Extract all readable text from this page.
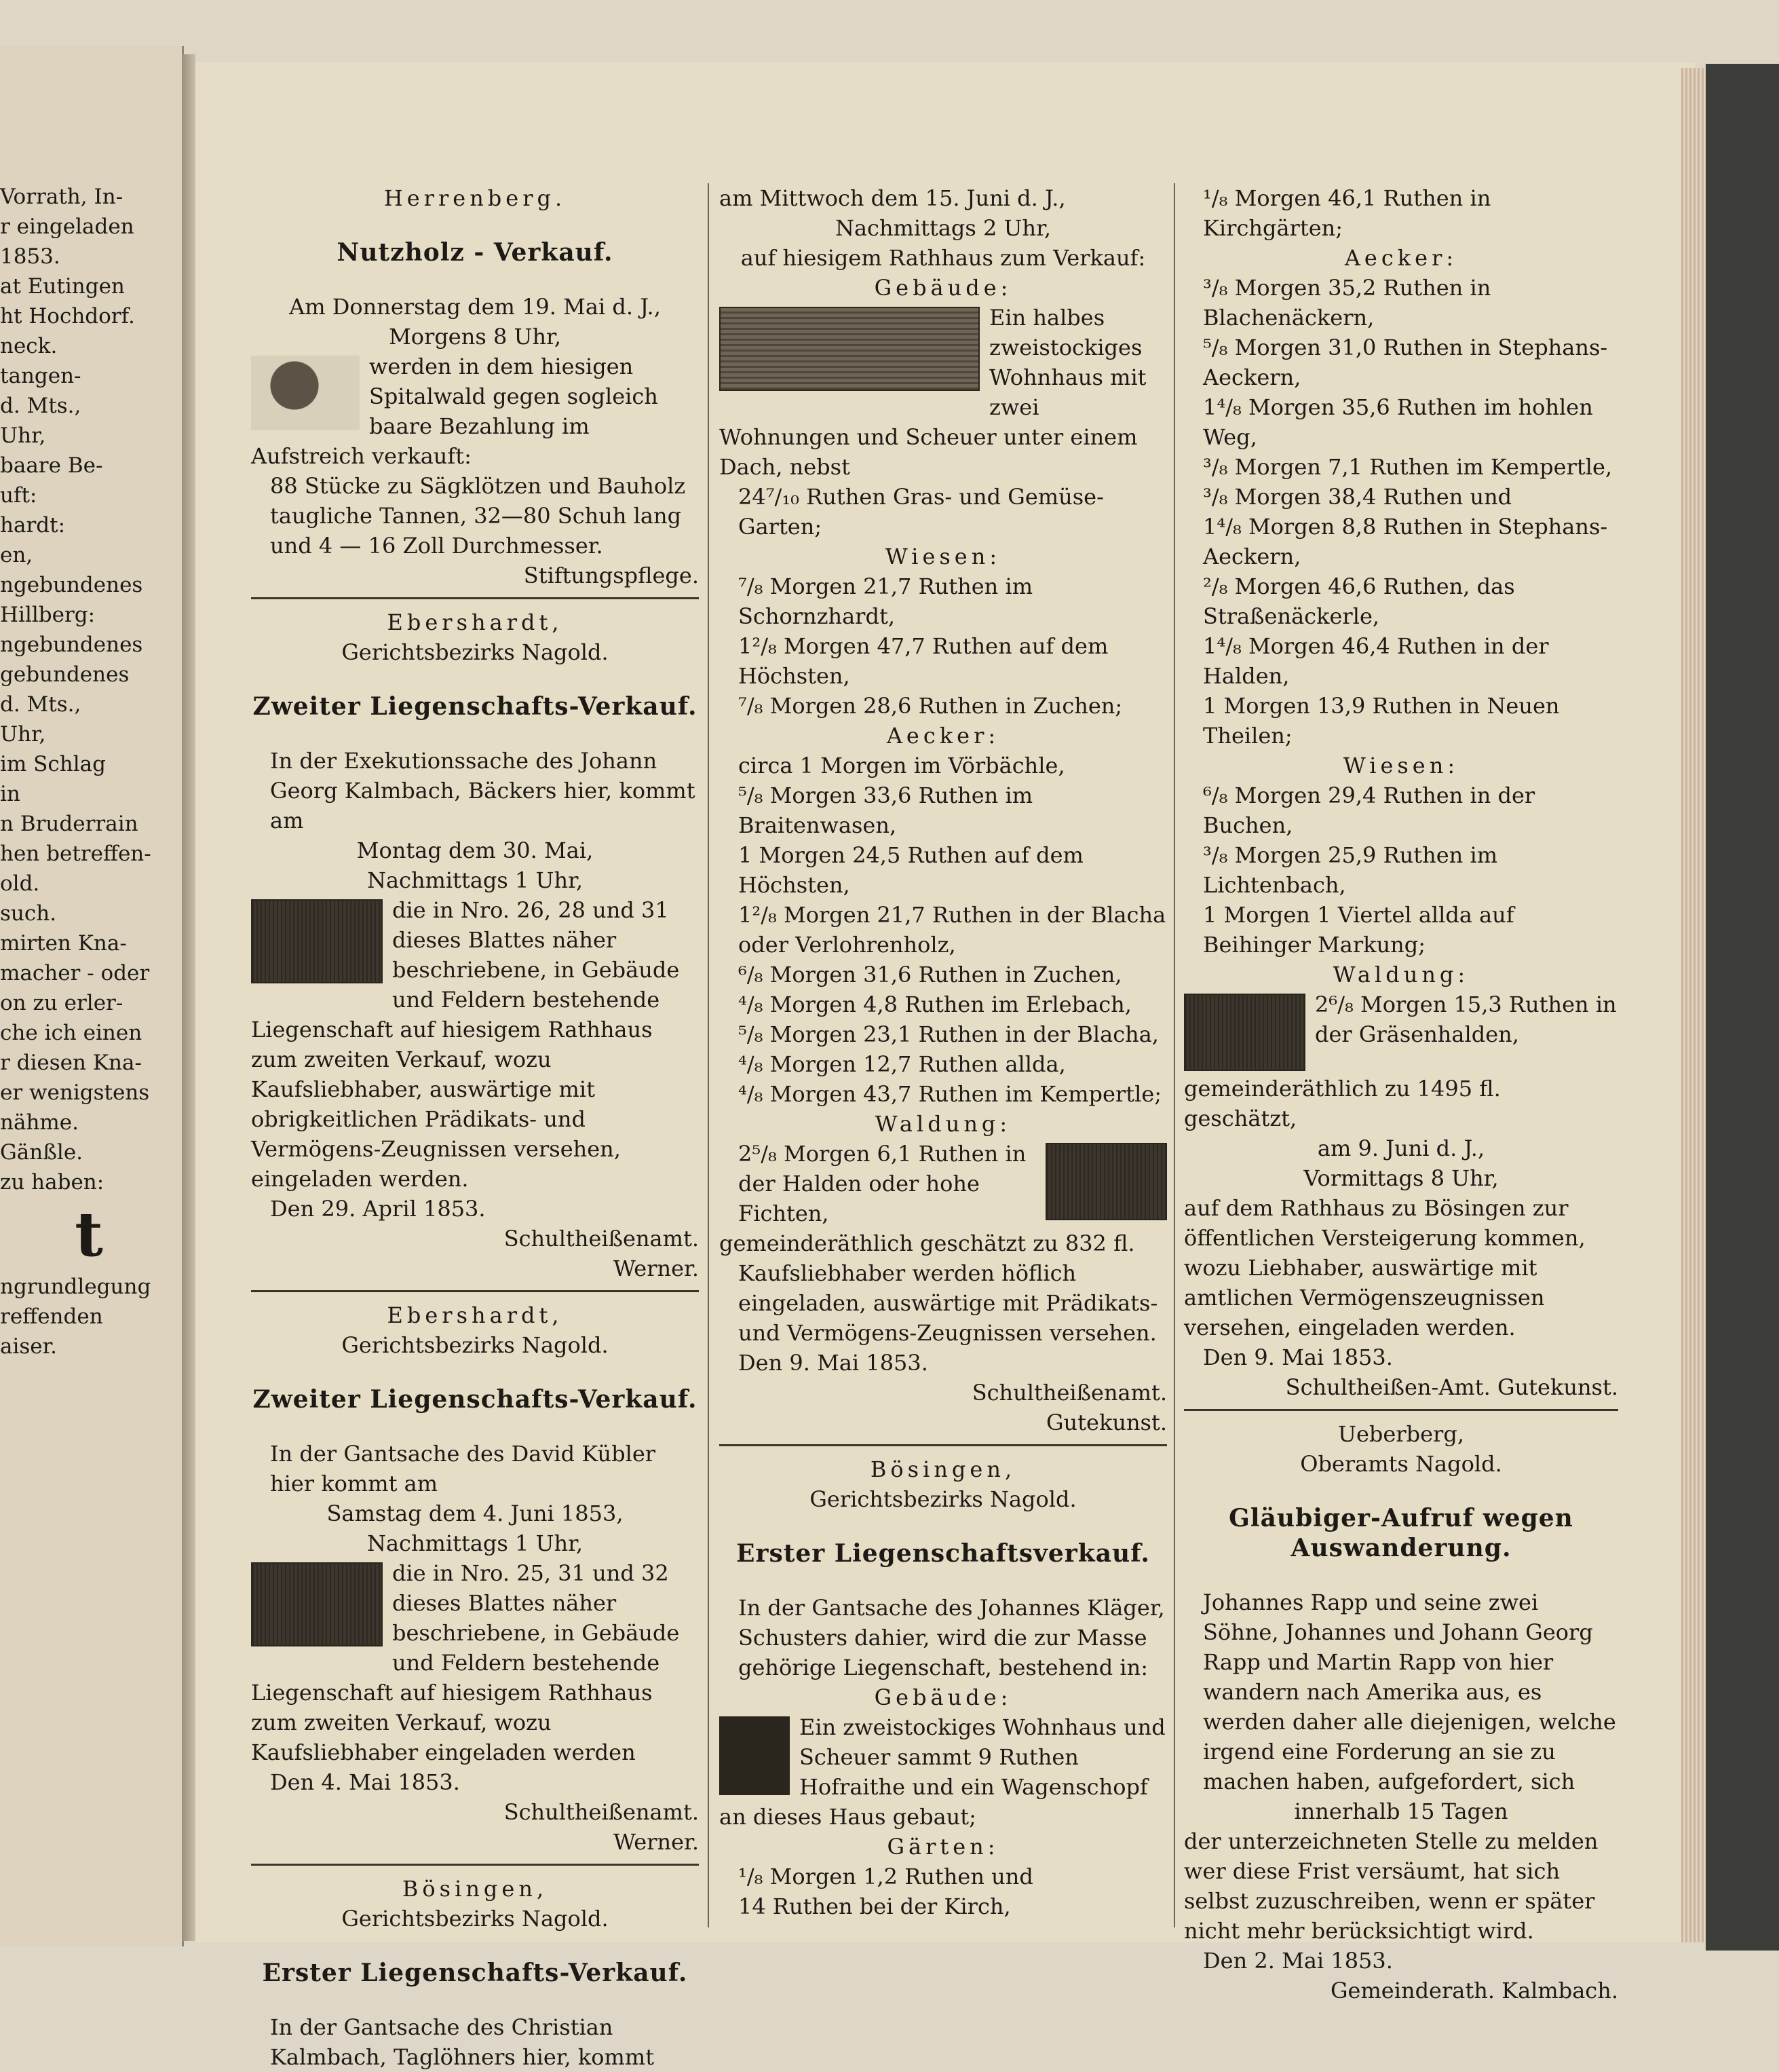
Vorrath, In-

r eingeladen

1853.

at Eutingen

ht Hochdorf.

neck.

tangen-

d. Mts.,

Uhr,

baare Be-

uft:

hardt:

en,

ngebundenes

Hillberg:

ngebundenes

gebundenes

d. Mts.,

Uhr,

im Schlag

in

n Bruderrain

hen betreffen-

old.

such.

mirten Kna-

macher - oder

on zu erler-

che ich einen

r diesen Kna-

er wenigstens

nähme.

Gänßle.

zu haben:

t

ngrundlegung

reffenden

aiser.

Herrenberg.

Nutzholz - Verkauf.

Am Donnerstag dem 19. Mai d. J.,

Morgens 8 Uhr,

werden in dem hiesigen Spitalwald gegen sogleich baare Bezahlung im Aufstreich verkauft:

88 Stücke zu Sägklötzen und Bauholz taugliche Tannen, 32—80 Schuh lang und 4 — 16 Zoll Durchmesser.

Stiftungspflege.

Ebershardt,

Gerichtsbezirks Nagold.

Zweiter Liegenschafts-Verkauf.

In der Exekutionssache des Johann Georg Kalmbach, Bäckers hier, kommt am

Montag dem 30. Mai,

Nachmittags 1 Uhr,

die in Nro. 26, 28 und 31 dieses Blattes näher beschriebene, in Gebäude und Feldern bestehende Liegenschaft auf hiesigem Rathhaus zum zweiten Verkauf, wozu Kaufsliebhaber, auswärtige mit obrigkeitlichen Prädikats- und Vermögens-Zeugnissen versehen, eingeladen werden.

Den 29. April 1853.

Schultheißenamt.

Werner.

Ebershardt,

Gerichtsbezirks Nagold.

Zweiter Liegenschafts-Verkauf.

In der Gantsache des David Kübler hier kommt am

Samstag dem 4. Juni 1853,

Nachmittags 1 Uhr,

die in Nro. 25, 31 und 32 dieses Blattes näher beschriebene, in Gebäude und Feldern bestehende Liegenschaft auf hiesigem Rathhaus zum zweiten Verkauf, wozu Kaufsliebhaber eingeladen werden

Den 4. Mai 1853.

Schultheißenamt.

Werner.

Bösingen,

Gerichtsbezirks Nagold.

Erster Liegenschafts-Verkauf.

In der Gantsache des Christian Kalmbach, Taglöhners hier, kommt

am Mittwoch dem 15. Juni d. J.,

Nachmittags 2 Uhr,

auf hiesigem Rathhaus zum Verkauf:

Gebäude:

Ein halbes zweistockiges Wohnhaus mit zwei Wohnungen und Scheuer unter einem Dach, nebst

24⁷/₁₀ Ruthen Gras- und Gemüse-Garten;

Wiesen:

⁷/₈ Morgen 21,7 Ruthen im Schornzhardt,

1²/₈ Morgen 47,7 Ruthen auf dem Höchsten,

⁷/₈ Morgen 28,6 Ruthen in Zuchen;

Aecker:

circa 1 Morgen im Vörbächle,

⁵/₈ Morgen 33,6 Ruthen im Braitenwasen,

1 Morgen 24,5 Ruthen auf dem Höchsten,

1²/₈ Morgen 21,7 Ruthen in der Blacha oder Verlohrenholz,

⁶/₈ Morgen 31,6 Ruthen in Zuchen,

⁴/₈ Morgen 4,8 Ruthen im Erlebach,

⁵/₈ Morgen 23,1 Ruthen in der Blacha,

⁴/₈ Morgen 12,7 Ruthen allda,

⁴/₈ Morgen 43,7 Ruthen im Kempertle;

Waldung:

2⁵/₈ Morgen 6,1 Ruthen in der Halden oder hohe Fichten,

gemeinderäthlich geschätzt zu 832 fl.

Kaufsliebhaber werden höflich eingeladen, auswärtige mit Prädikats- und Vermögens-Zeugnissen versehen.

Den 9. Mai 1853.

Schultheißenamt.

Gutekunst.

Bösingen,

Gerichtsbezirks Nagold.

Erster Liegenschaftsverkauf.

In der Gantsache des Johannes Kläger, Schusters dahier, wird die zur Masse gehörige Liegenschaft, bestehend in:

Gebäude:

Ein zweistockiges Wohnhaus und Scheuer sammt 9 Ruthen Hofraithe und ein Wagenschopf an dieses Haus gebaut;

Gärten:

¹/₈ Morgen 1,2 Ruthen und

14 Ruthen bei der Kirch,

¹/₈ Morgen 46,1 Ruthen in Kirchgärten;

Aecker:

³/₈ Morgen 35,2 Ruthen in Blachenäckern,

⁵/₈ Morgen 31,0 Ruthen in Stephans-Aeckern,

1⁴/₈ Morgen 35,6 Ruthen im hohlen Weg,

³/₈ Morgen 7,1 Ruthen im Kempertle,

³/₈ Morgen 38,4 Ruthen und

1⁴/₈ Morgen 8,8 Ruthen in Stephans-Aeckern,

²/₈ Morgen 46,6 Ruthen, das Straßenäckerle,

1⁴/₈ Morgen 46,4 Ruthen in der Halden,

1 Morgen 13,9 Ruthen in Neuen Theilen;

Wiesen:

⁶/₈ Morgen 29,4 Ruthen in der Buchen,

³/₈ Morgen 25,9 Ruthen im Lichtenbach,

1 Morgen 1 Viertel allda auf Beihinger Markung;

Waldung:

2⁶/₈ Morgen 15,3 Ruthen in der Gräsenhalden,

gemeinderäthlich zu 1495 fl. geschätzt,

am 9. Juni d. J.,

Vormittags 8 Uhr,

auf dem Rathhaus zu Bösingen zur öffentlichen Versteigerung kommen, wozu Liebhaber, auswärtige mit amtlichen Vermögenszeugnissen versehen, eingeladen werden.

Den 9. Mai 1853.

Schultheißen-Amt. Gutekunst.

Ueberberg,

Oberamts Nagold.

Gläubiger-Aufruf wegen Auswanderung.

Johannes Rapp und seine zwei Söhne, Johannes und Johann Georg Rapp und Martin Rapp von hier wandern nach Amerika aus, es werden daher alle diejenigen, welche irgend eine Forderung an sie zu machen haben, aufgefordert, sich

innerhalb 15 Tagen

der unterzeichneten Stelle zu melden wer diese Frist versäumt, hat sich selbst zuzuschreiben, wenn er später nicht mehr berücksichtigt wird.

Den 2. Mai 1853.

Gemeinderath. Kalmbach.
